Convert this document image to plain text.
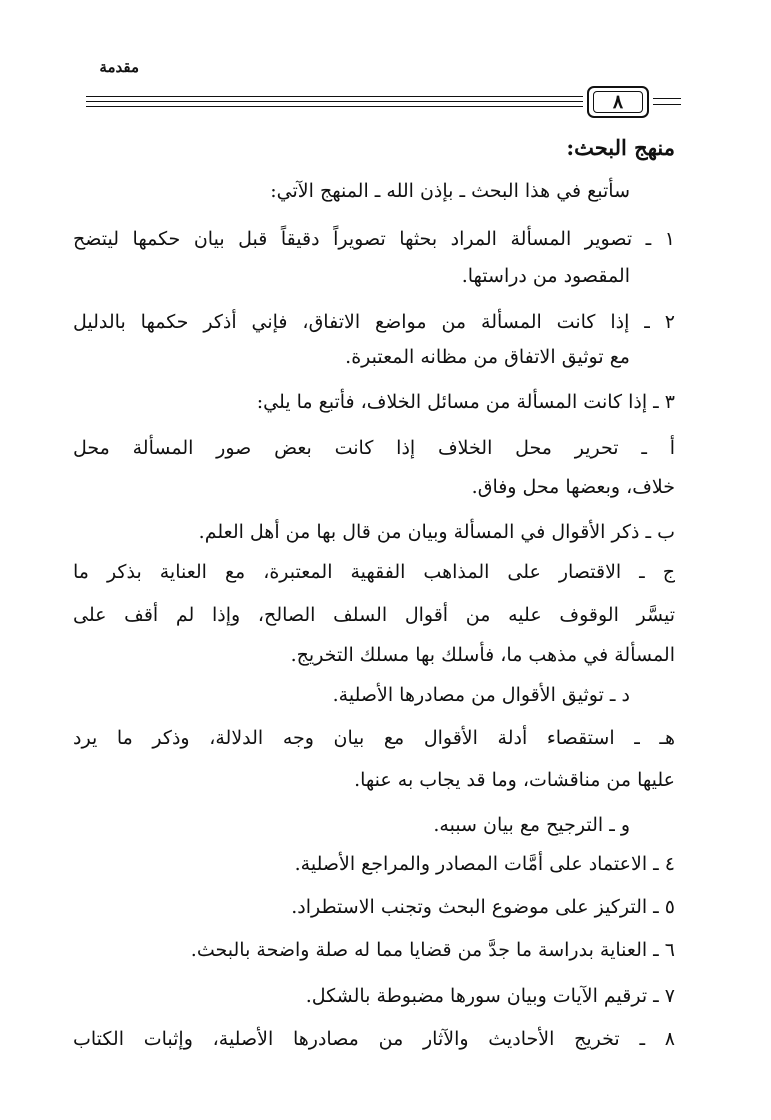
مقدمة
٨
منهج البحث:
سأتبع في هذا البحث ـ بإذن الله ـ المنهج الآتي:
١ ـ تصوير المسألة المراد بحثها تصويراً دقيقاً قبل بيان حكمها ليتضح
المقصود من دراستها.
٢ ـ إذا كانت المسألة من مواضع الاتفاق، فإني أذكر حكمها بالدليل
مع توثيق الاتفاق من مظانه المعتبرة.
٣ ـ إذا كانت المسألة من مسائل الخلاف، فأتبع ما يلي:
أ ـ تحرير محل الخلاف إذا كانت بعض صور المسألة محل
خلاف، وبعضها محل وفاق.
ب ـ ذكر الأقوال في المسألة وبيان من قال بها من أهل العلم.
ج ـ الاقتصار على المذاهب الفقهية المعتبرة، مع العناية بذكر ما
تيسَّر الوقوف عليه من أقوال السلف الصالح، وإذا لم أقف على
المسألة في مذهب ما، فأسلك بها مسلك التخريج.
د ـ توثيق الأقوال من مصادرها الأصلية.
هـ ـ استقصاء أدلة الأقوال مع بيان وجه الدلالة، وذكر ما يرد
عليها من مناقشات، وما قد يجاب به عنها.
و ـ الترجيح مع بيان سببه.
٤ ـ الاعتماد على أمَّات المصادر والمراجع الأصلية.
٥ ـ التركيز على موضوع البحث وتجنب الاستطراد.
٦ ـ العناية بدراسة ما جدَّ من قضايا مما له صلة واضحة بالبحث.
٧ ـ ترقيم الآيات وبيان سورها مضبوطة بالشكل.
٨ ـ تخريج الأحاديث والآثار من مصادرها الأصلية، وإثبات الكتاب
